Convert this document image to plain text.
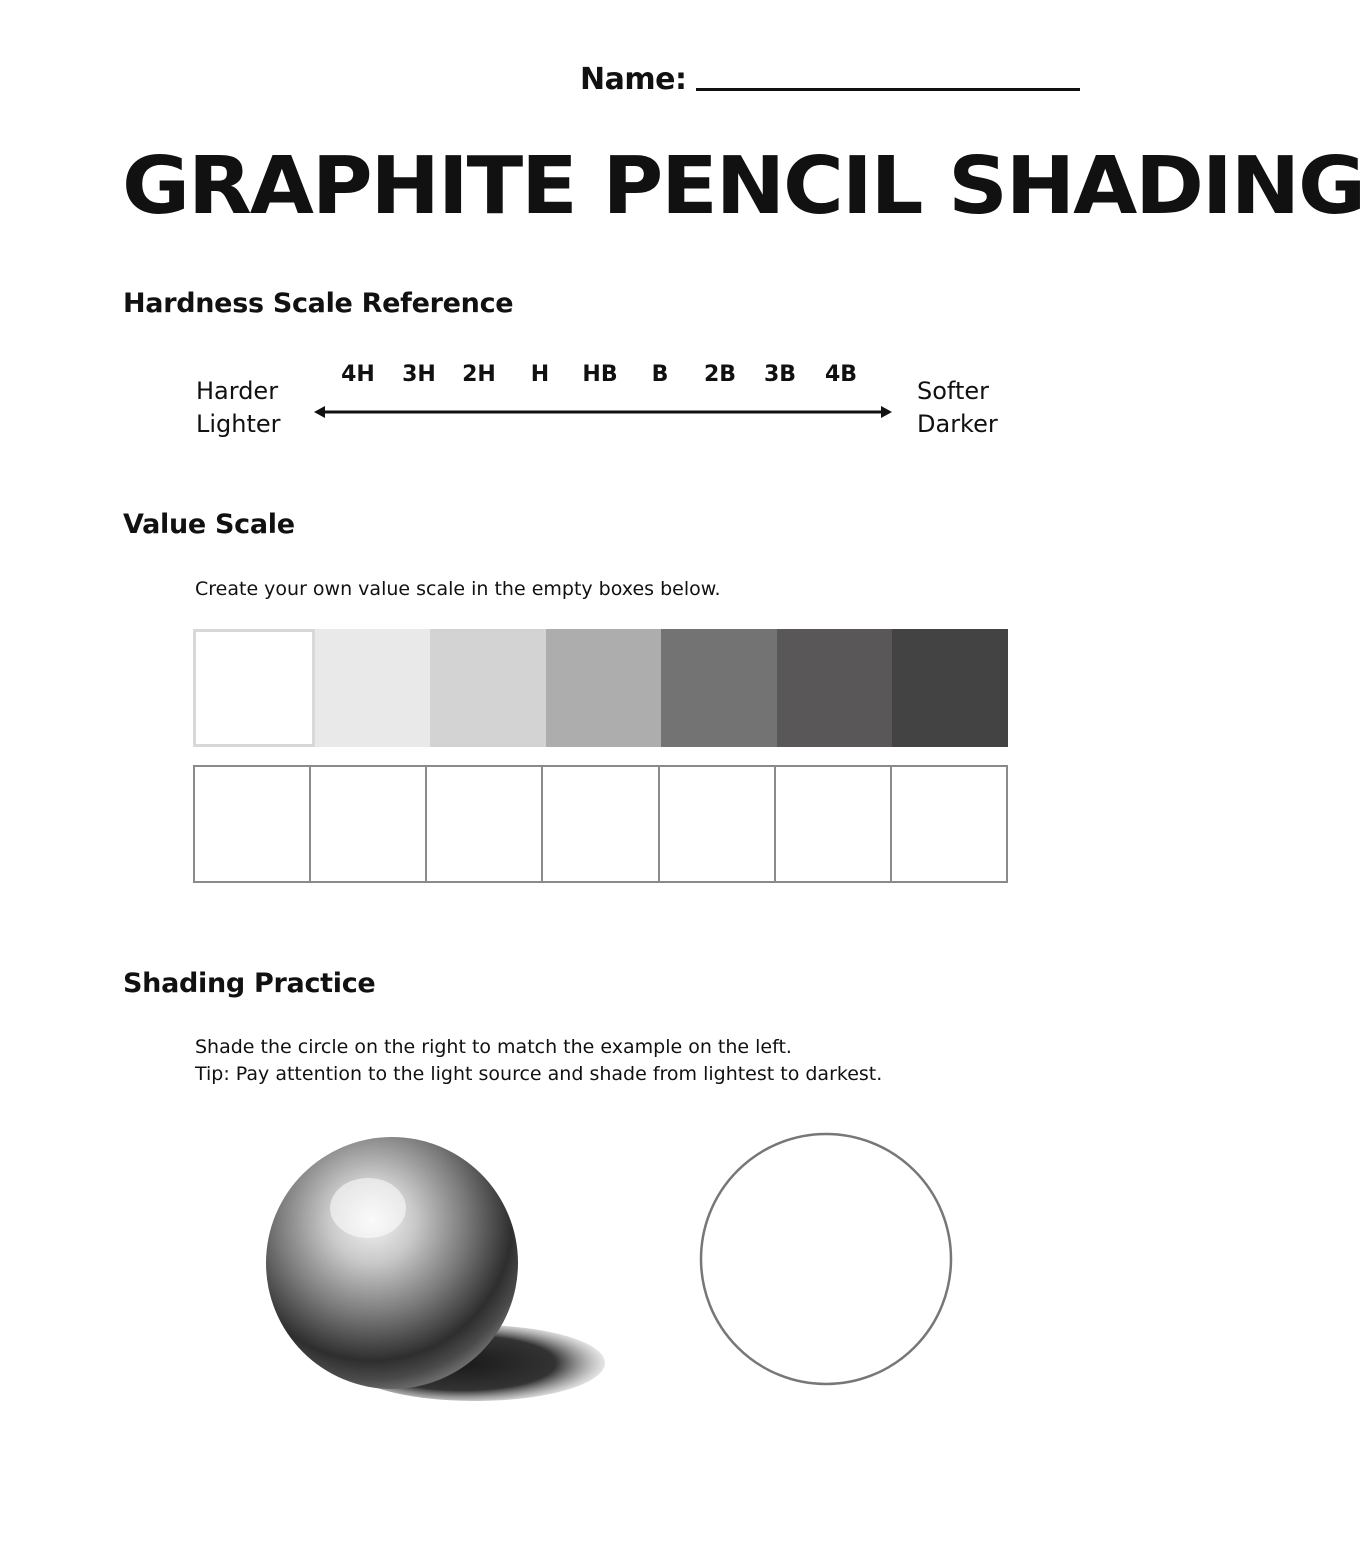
Name:
GRAPHITE PENCIL SHADING
Hardness Scale Reference
Harder
Lighter
Softer
Darker
4H	3H	2H	H	HB	B	2B	3B	4B
Value Scale

Create your own value scale in the empty boxes below.

Shading Practice

Shade the circle on the right to match the example on the left.

Tip: Pay attention to the light source and shade from lightest to darkest.
